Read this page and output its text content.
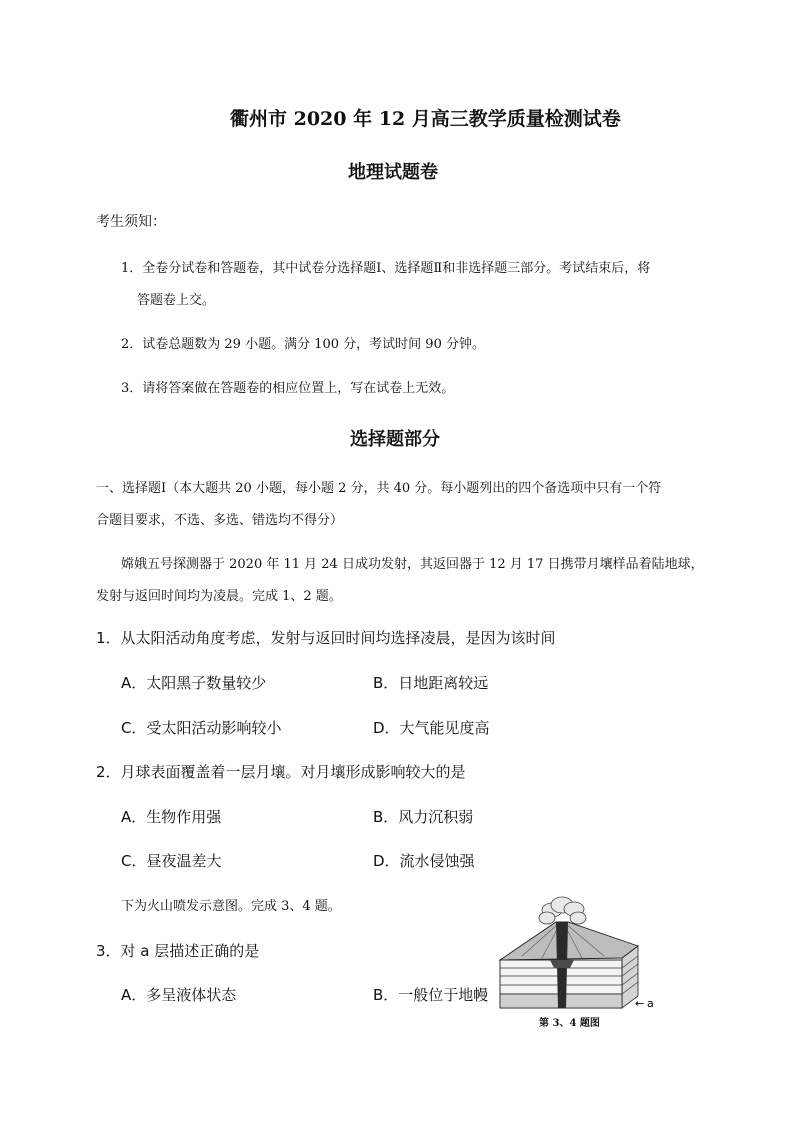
衢州市 2020 年 12 月高三教学质量检测试卷
地理试题卷
考生须知：
1．全卷分试卷和答题卷，其中试卷分选择题Ⅰ、选择题Ⅱ和非选择题三部分。考试结束后，将
答题卷上交。
2．试卷总题数为 29 小题。满分 100 分，考试时间 90 分钟。
3．请将答案做在答题卷的相应位置上，写在试卷上无效。
选择题部分
一、选择题Ⅰ（本大题共 20 小题，每小题 2 分，共 40 分。每小题列出的四个备选项中只有一个符
合题目要求，不选、多选、错选均不得分）
嫦娥五号探测器于 2020 年 11 月 24 日成功发射，其返回器于 12 月 17 日携带月壤样品着陆地球，
发射与返回时间均为凌晨。完成 1、2 题。
1．从太阳活动角度考虑，发射与返回时间均选择凌晨，是因为该时间
A．太阳黑子数量较少	B．日地距离较远
C．受太阳活动影响较小	D．大气能见度高
2．月球表面覆盖着一层月壤。对月壤形成影响较大的是
A．生物作用强	B．风力沉积弱
C．昼夜温差大	D．流水侵蚀强
下为火山喷发示意图。完成 3、4 题。
3．对 a 层描述正确的是
A．多呈液体状态	B．一般位于地幔	← a
第 3、4 题图
